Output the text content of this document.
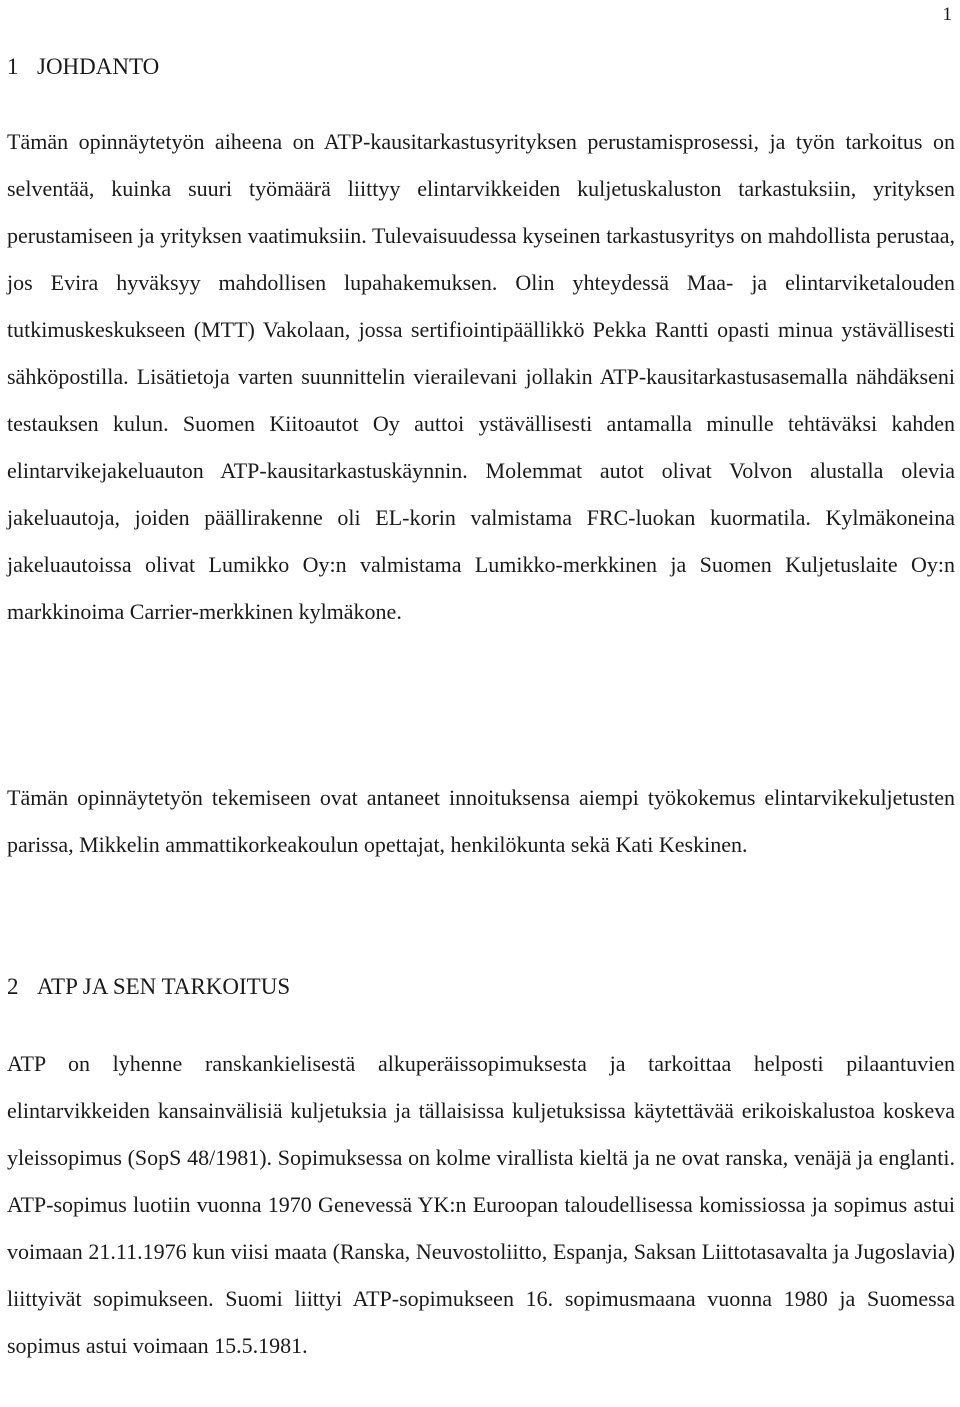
1
1 JOHDANTO

Tämän opinnäytetyön aiheena on ATP-kausitarkastusyrityksen perustamisprosessi, ja työn tarkoitus on selventää, kuinka suuri työmäärä liittyy elintarvikkeiden kuljetuskaluston tarkastuksiin, yrityksen perustamiseen ja yrityksen vaatimuksiin. Tulevaisuudessa kyseinen tarkastusyritys on mahdollista perustaa, jos Evira hyväksyy mahdollisen lupahakemuksen. Olin yhteydessä Maa- ja elintarviketalouden tutkimuskeskukseen (MTT) Vakolaan, jossa sertifiointipäällikkö Pekka Rantti opasti minua ystävällisesti sähköpostilla. Lisätietoja varten suunnittelin vierailevani jollakin ATP-kausitarkastusasemalla nähdäkseni testauksen kulun. Suomen Kiitoautot Oy auttoi ystävällisesti antamalla minulle tehtäväksi kahden elintarvikejakeluauton ATP-kausitarkastuskäynnin. Molemmat autot olivat Volvon alustalla olevia jakeluautoja, joiden päällirakenne oli EL-korin valmistama FRC-luokan kuormatila. Kylmäkoneina jakeluautoissa olivat Lumikko Oy:n valmistama Lumikko-merkkinen ja Suomen Kuljetuslaite Oy:n markkinoima Carrier-merkkinen kylmäkone.

Tämän opinnäytetyön tekemiseen ovat antaneet innoituksensa aiempi työkokemus elintarvikekuljetusten parissa, Mikkelin ammattikorkeakoulun opettajat, henkilökunta sekä Kati Keskinen.

2 ATP JA SEN TARKOITUS

ATP on lyhenne ranskankielisestä alkuperäissopimuksesta ja tarkoittaa helposti pilaantuvien elintarvikkeiden kansainvälisiä kuljetuksia ja tällaisissa kuljetuksissa käytettävää erikoiskalustoa koskeva yleissopimus (SopS 48/1981). Sopimuksessa on kolme virallista kieltä ja ne ovat ranska, venäjä ja englanti. ATP-sopimus luotiin vuonna 1970 Genevessä YK:n Euroopan taloudellisessa komissiossa ja sopimus astui voimaan 21.11.1976 kun viisi maata (Ranska, Neuvostoliitto, Espanja, Saksan Liittotasavalta ja Jugoslavia) liittyivät sopimukseen. Suomi liittyi ATP-sopimukseen 16. sopimusmaana vuonna 1980 ja Suomessa sopimus astui voimaan 15.5.1981.
